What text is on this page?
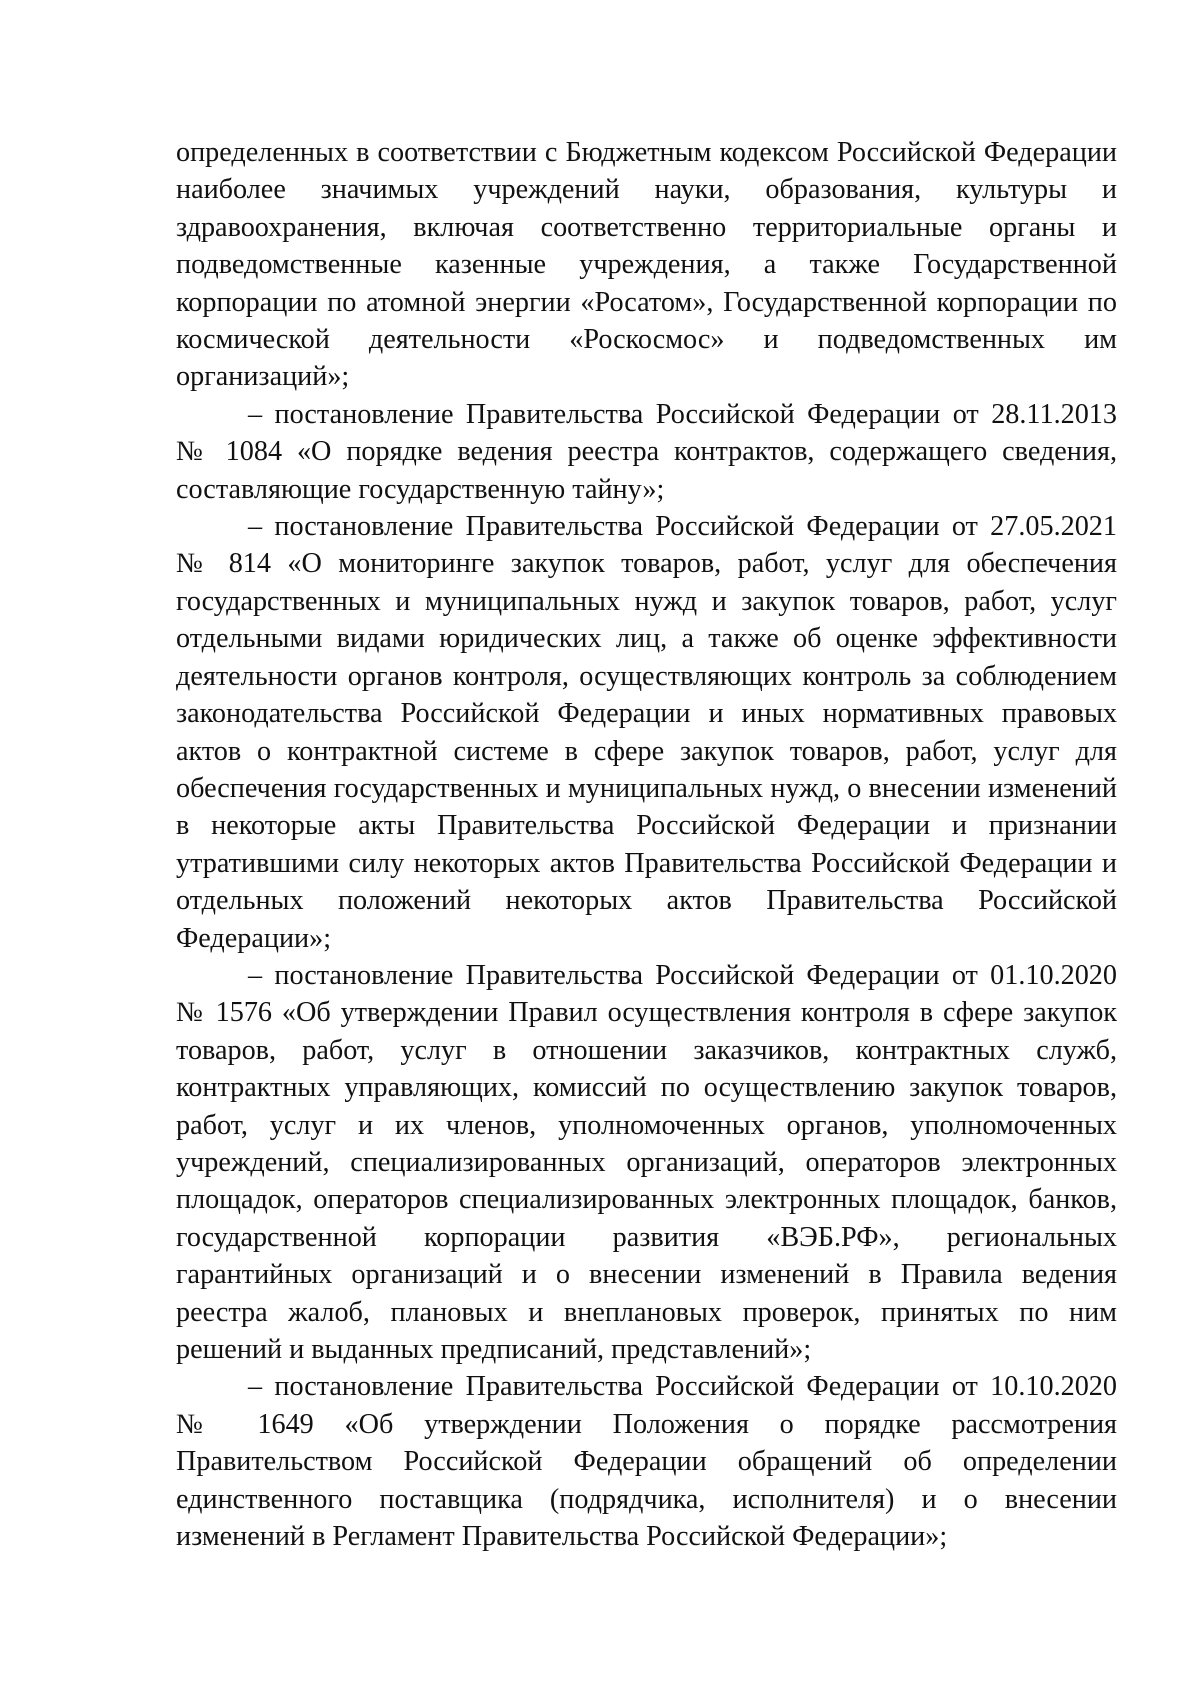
определенных в соответствии с Бюджетным кодексом Российской Федерации наиболее значимых учреждений науки, образования, культуры и здравоохранения, включая соответственно территориальные органы и подведомственные казенные учреждения, а также Государственной корпорации по атомной энергии «Росатом», Государственной корпорации по космической деятельности «Роскосмос» и подведомственных им организаций»;

– постановление Правительства Российской Федерации от 28.11.2013 № 1084 «О порядке ведения реестра контрактов, содержащего сведения, составляющие государственную тайну»;

– постановление Правительства Российской Федерации от 27.05.2021 № 814 «О мониторинге закупок товаров, работ, услуг для обеспечения государственных и муниципальных нужд и закупок товаров, работ, услуг отдельными видами юридических лиц, а также об оценке эффективности деятельности органов контроля, осуществляющих контроль за соблюдением законодательства Российской Федерации и иных нормативных правовых актов о контрактной системе в сфере закупок товаров, работ, услуг для обеспечения государственных и муниципальных нужд, о внесении изменений в некоторые акты Правительства Российской Федерации и признании утратившими силу некоторых актов Правительства Российской Федерации и отдельных положений некоторых актов Правительства Российской Федерации»;

– постановление Правительства Российской Федерации от 01.10.2020 № 1576 «Об утверждении Правил осуществления контроля в сфере закупок товаров, работ, услуг в отношении заказчиков, контрактных служб, контрактных управляющих, комиссий по осуществлению закупок товаров, работ, услуг и их членов, уполномоченных органов, уполномоченных учреждений, специализированных организаций, операторов электронных площадок, операторов специализированных электронных площадок, банков, государственной корпорации развития «ВЭБ.РФ», региональных гарантийных организаций и о внесении изменений в Правила ведения реестра жалоб, плановых и внеплановых проверок, принятых по ним решений и выданных предписаний, представлений»;

– постановление Правительства Российской Федерации от 10.10.2020 № 1649 «Об утверждении Положения о порядке рассмотрения Правительством Российской Федерации обращений об определении единственного поставщика (подрядчика, исполнителя) и о внесении изменений в Регламент Правительства Российской Федерации»;
